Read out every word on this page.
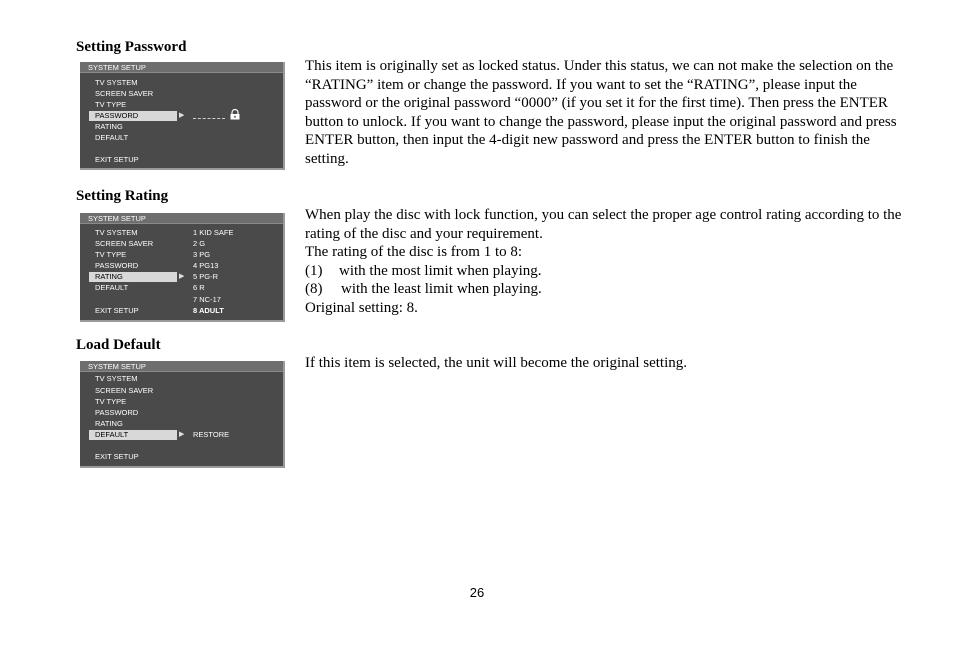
Setting Password
SYSTEM SETUP
TV SYSTEM
SCREEN SAVER
TV TYPE
PASSWORD	▶
RATING
DEFAULT
EXIT SETUP

This item is originally set as locked status. Under this status, we can not make the selection on the “RATING” item or change the password. If you want to set the “RATING”, please input the password or the original password “0000” (if you set it for the first time). Then press the ENTER button to unlock. If you want to change the password, please input the original password and press ENTER button, then input the 4-digit new password and press the ENTER button to finish the setting.

Setting Rating
SYSTEM SETUP
TV SYSTEM
SCREEN SAVER
TV TYPE
PASSWORD
RATING	▶
DEFAULT
EXIT SETUP
1 KID SAFE
2 G
3 PG
4 PG13
5 PG-R
6 R
7 NC-17
8 ADULT

When play the disc with lock function, you can select the proper age control rating according to the rating of the disc and your requirement.

The rating of the disc is from 1 to 8:

(1)	with the most limit when playing.
(8)	with the least limit when playing.

Original setting: 8.

Load Default
SYSTEM SETUP
TV SYSTEM
SCREEN SAVER
TV TYPE
PASSWORD
RATING
DEFAULT	▶ RESTORE
EXIT SETUP

If this item is selected, the unit will become the original setting.

26
